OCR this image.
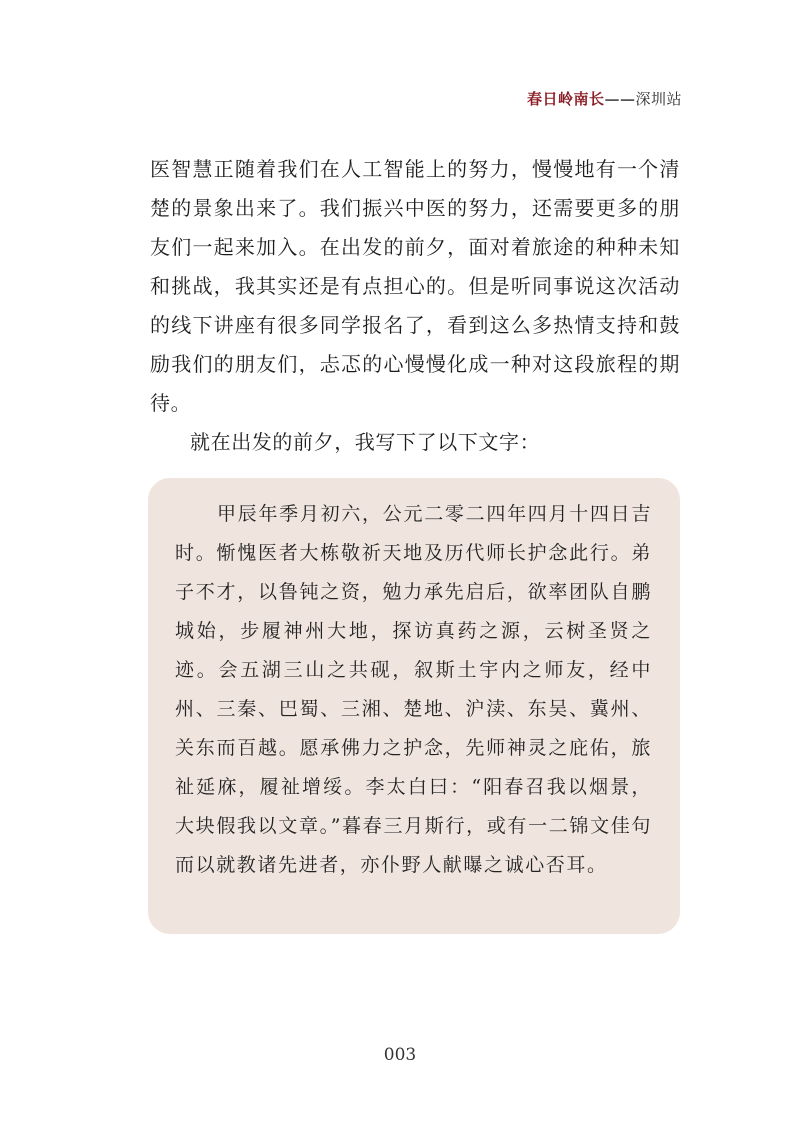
春日岭南长——深圳站

医智慧正随着我们在人工智能上的努力，慢慢地有一个清楚的景象出来了。我们振兴中医的努力，还需要更多的朋友们一起来加入。在出发的前夕，面对着旅途的种种未知和挑战，我其实还是有点担心的。但是听同事说这次活动的线下讲座有很多同学报名了，看到这么多热情支持和鼓励我们的朋友们，忐忑的心慢慢化成一种对这段旅程的期待。

就在出发的前夕，我写下了以下文字：

甲辰年季月初六，公元二零二四年四月十四日吉时。惭愧医者大栋敬祈天地及历代师长护念此行。弟子不才，以鲁钝之资，勉力承先启后，欲率团队自鹏城始，步履神州大地，探访真药之源，云树圣贤之迹。会五湖三山之共砚，叙斯土宇内之师友，经中州、三秦、巴蜀、三湘、楚地、沪渎、东吴、冀州、关东而百越。愿承佛力之护念，先师神灵之庇佑，旅祉延庥，履祉增绥。李太白曰：“阳春召我以烟景，大块假我以文章。”暮春三月斯行，或有一二锦文佳句而以就教诸先进者，亦仆野人献曝之诚心否耳。

003
